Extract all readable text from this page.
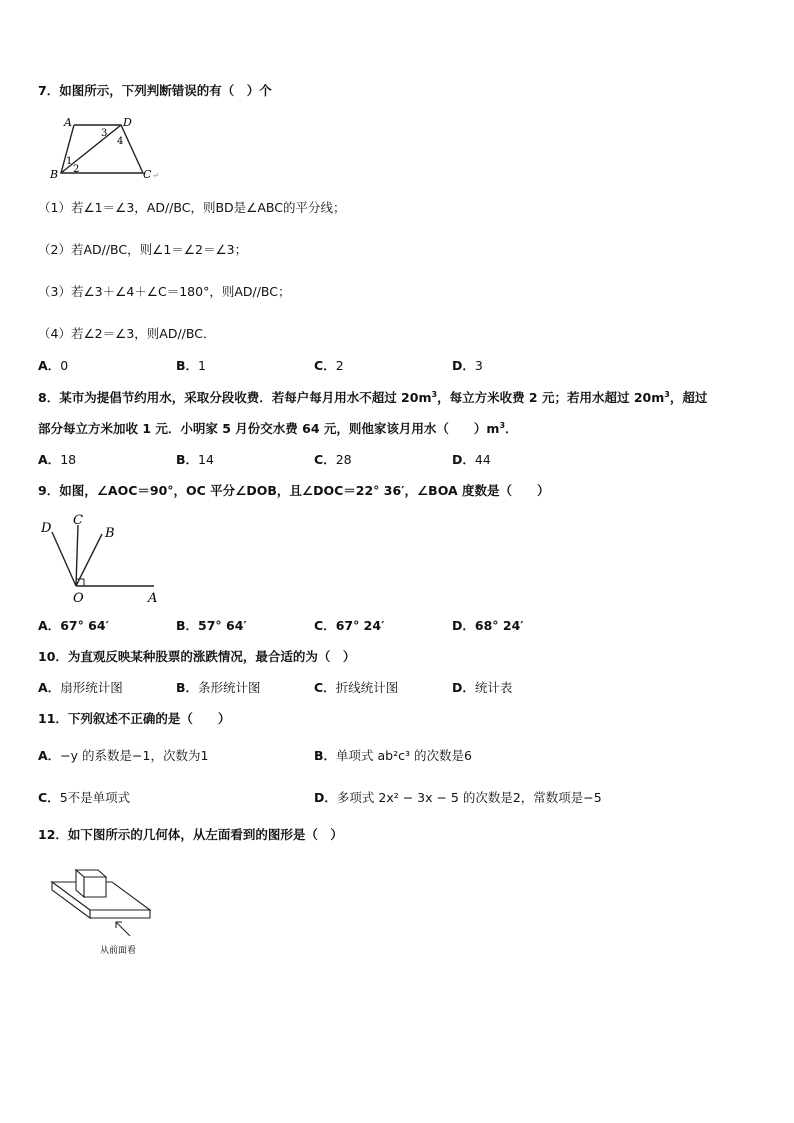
7．如图所示，下列判断错误的有（　）个
A	D
B	C
3
4
1
2
↵
（1）若∠1＝∠3，AD//BC，则BD是∠ABC的平分线；
（2）若AD//BC，则∠1＝∠2＝∠3；
（3）若∠3＋∠4＋∠C＝180°，则AD//BC；
（4）若∠2＝∠3，则AD//BC．
A．0	B．1	C．2	D．3
8．某市为提倡节约用水，采取分段收费．若每户每月用水不超过 $20m^3$，每立方米收费 2 元；若用水超过 $20m^3$，超过
部分每立方米加收 1 元．小明家 5 月份交水费 64 元，则他家该月用水（　　）$m^3$．
A．18	B．14	C．28	D．44
9．如图，∠AOC＝90°，OC 平分∠DOB，且∠DOC＝22° 36′，∠BOA 度数是（　　）
D
C
B
O	A
A．67° 64′	B．57° 64′	C．67° 24′	D．68° 24′
10．为直观反映某种股票的涨跌情况，最合适的为（　）
A．扇形统计图	B．条形统计图	C．折线统计图	D．统计表
11．下列叙述不正确的是（　　）
A．−y 的系数是−1，次数为1	B．单项式 ab²c³ 的次数是6
C．5不是单项式	D．多项式 2x² − 3x − 5 的次数是2，常数项是−5
12．如下图所示的几何体，从左面看到的图形是（　）
从前面看
